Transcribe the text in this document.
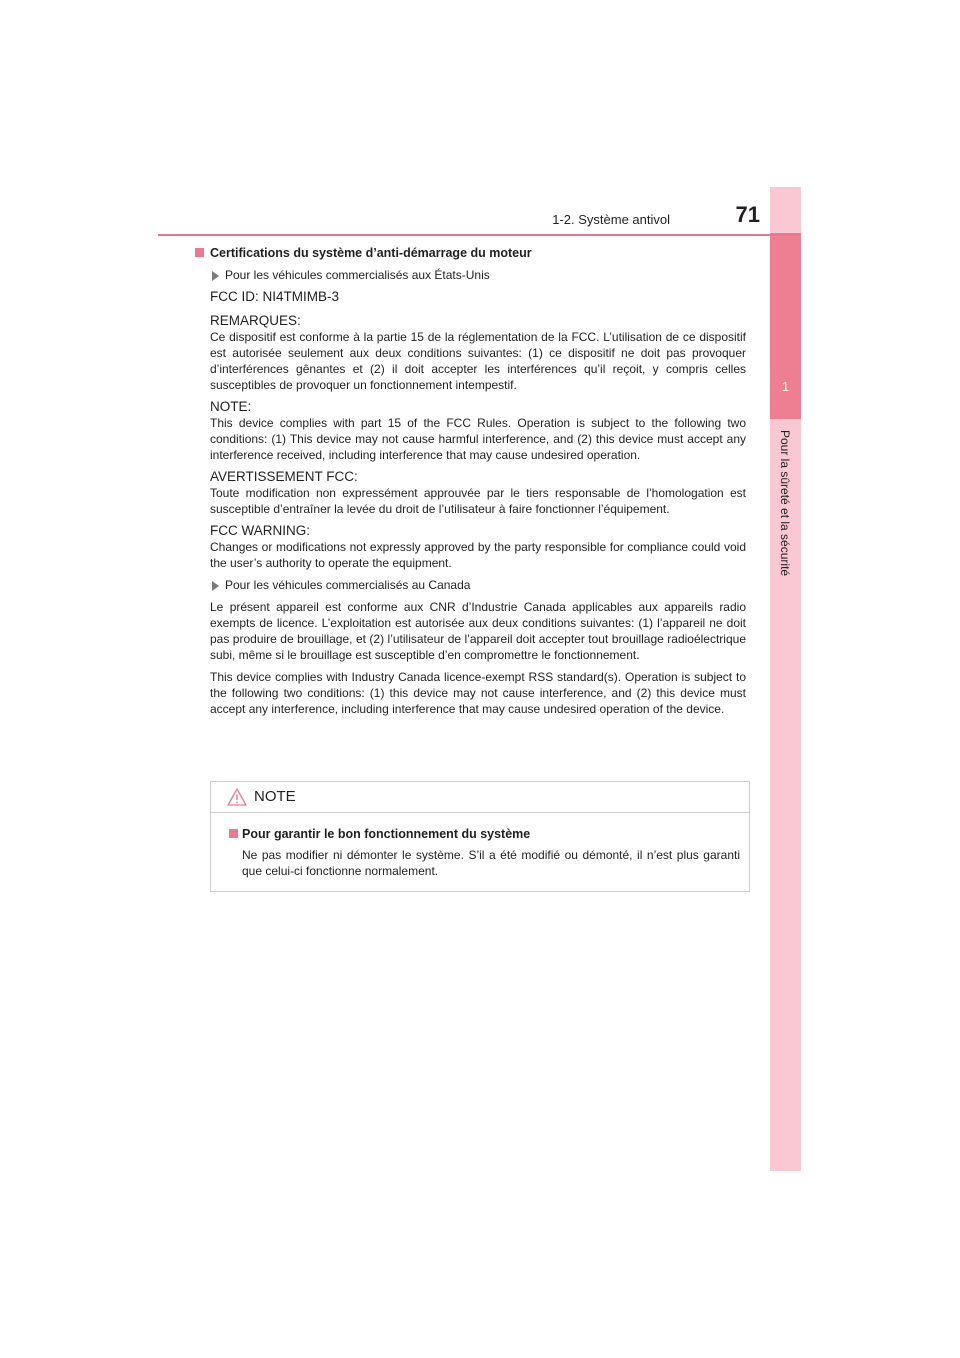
1
Pour la sûreté et la sécurité
1-2. Système antivol	71
Certifications du système d’anti-démarrage du moteur
Pour les véhicules commercialisés aux États-Unis
FCC ID: NI4TMIMB-3
REMARQUES:
Ce dispositif est conforme à la partie 15 de la réglementation de la FCC. L’utilisation de ce dispositif est autorisée seulement aux deux conditions suivantes: (1) ce dispositif ne doit pas provoquer d’interférences gênantes et (2) il doit accepter les interférences qu’il reçoit, y compris celles susceptibles de provoquer un fonctionnement intempestif.
NOTE:
This device complies with part 15 of the FCC Rules. Operation is subject to the following two conditions: (1) This device may not cause harmful interference, and (2) this device must accept any interference received, including interference that may cause undesired operation.
AVERTISSEMENT FCC:
Toute modification non expressément approuvée par le tiers responsable de l’homologation est susceptible d’entraîner la levée du droit de l’utilisateur à faire fonctionner l’équipement.
FCC WARNING:
Changes or modifications not expressly approved by the party responsible for compliance could void the user’s authority to operate the equipment.
Pour les véhicules commercialisés au Canada
Le présent appareil est conforme aux CNR d’Industrie Canada applicables aux appareils radio exempts de licence. L’exploitation est autorisée aux deux conditions suivantes: (1) l’appareil ne doit pas produire de brouillage, et (2) l’utilisateur de l’appareil doit accepter tout brouillage radioélectrique subi, même si le brouillage est susceptible d’en compromettre le fonctionnement.
This device complies with Industry Canada licence-exempt RSS standard(s). Operation is subject to the following two conditions: (1) this device may not cause interference, and (2) this device must accept any interference, including interference that may cause undesired operation of the device.
NOTE
Pour garantir le bon fonctionnement du système
Ne pas modifier ni démonter le système. S’il a été modifié ou démonté, il n’est plus garanti que celui-ci fonctionne normalement.
